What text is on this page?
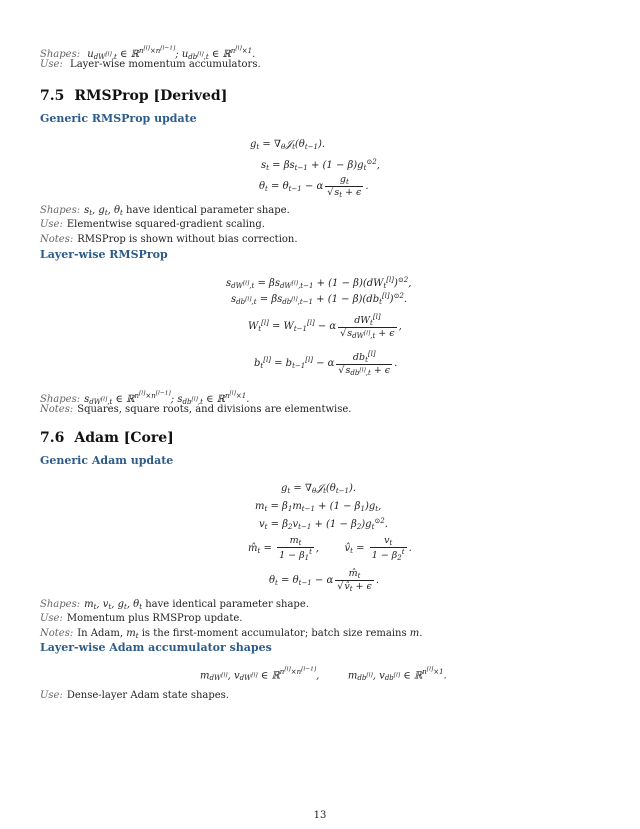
Shapes: $u_{dW^{[l]},t}$ ∈ ℝ$^{n^{[l]}\times n^{[l-1]}}$; $u_{db^{[l]},t}$ ∈ ℝ$^{n^{[l]}\times 1}$.
Use: Layer-wise momentum accumulators.
7.5 RMSProp [Derived]
Generic RMSProp update
$g_t$ = $\nabla_\theta 𝒥_t(\theta_{t-1})$.
$s_t = \beta s_{t-1} + (1 - \beta)g_t^{⊙2}$,
$\theta_t = \theta_{t-1} - \alpha \frac{g_t}{√s_t + \epsilon}$ .
Shapes: $s_t$, $g_t$, $\theta_t$ have identical parameter shape.
Use: Elementwise squared-gradient scaling.
Notes: RMSProp is shown without bias correction.
Layer-wise RMSProp
$s_{dW^{[l]},t} = \beta s_{dW^{[l]},t-1} + (1 - \beta)(dW_t[l])^{⊙2}$,
$s_{db^{[l]},t} = \beta s_{db^{[l]},t-1} + (1 - \beta)(db_t[l])^{⊙2}$.
$W_t[l] = W_{t-1}[l] - \alpha \frac{dW_t^{[l]}}{√s_{dW^{[l]},t} + \epsilon}$ ,
$b_t[l] = b_{t-1}[l] - \alpha \frac{db_t^{[l]}}{√s_{db^{[l]},t} + \epsilon}$ .
Shapes: $s_{dW^{[l]},t}$ ∈ ℝ$^{n^{[l]}\times n^{[l-1]}}$; $s_{db^{[l]},t}$ ∈ ℝ$^{n^{[l]}\times 1}$.
Notes: Squares, square roots, and divisions are elementwise.
7.6 Adam [Core]
Generic Adam update
$g_t$ = $\nabla_\theta 𝒥_t(\theta_{t-1})$.
$m_t = \beta_1m_{t-1} + (1 - \beta_1)g_t$,
$v_t = \beta_2v_{t-1} + (1 - \beta_2)g_t^{⊙2}$.
$m̂_t = \frac{m_t}{1 - \beta_1^t}$ ,        $v̂_t = \frac{v_t}{1 - \beta_2^t}$ .
$\theta_t = \theta_{t-1} - \alpha \frac{m̂_t}{√v̂_t + \epsilon}$ .
Shapes: $m_t$, $v_t$, $g_t$, $\theta_t$ have identical parameter shape.
Use: Momentum plus RMSProp update.
Notes: In Adam, $m_t$ is the first-moment accumulator; batch size remains m.
Layer-wise Adam accumulator shapes
$m_{dW^{[l]}}$, $v_{dW^{[l]}}$ ∈ ℝ$^{n^{[l]}\times n^{[l-1]}}$,         $m_{db^{[l]}}$, $v_{db^{[l]}}$ ∈ ℝ$^{n^{[l]}\times 1}$.
Use: Dense-layer Adam state shapes.
13
